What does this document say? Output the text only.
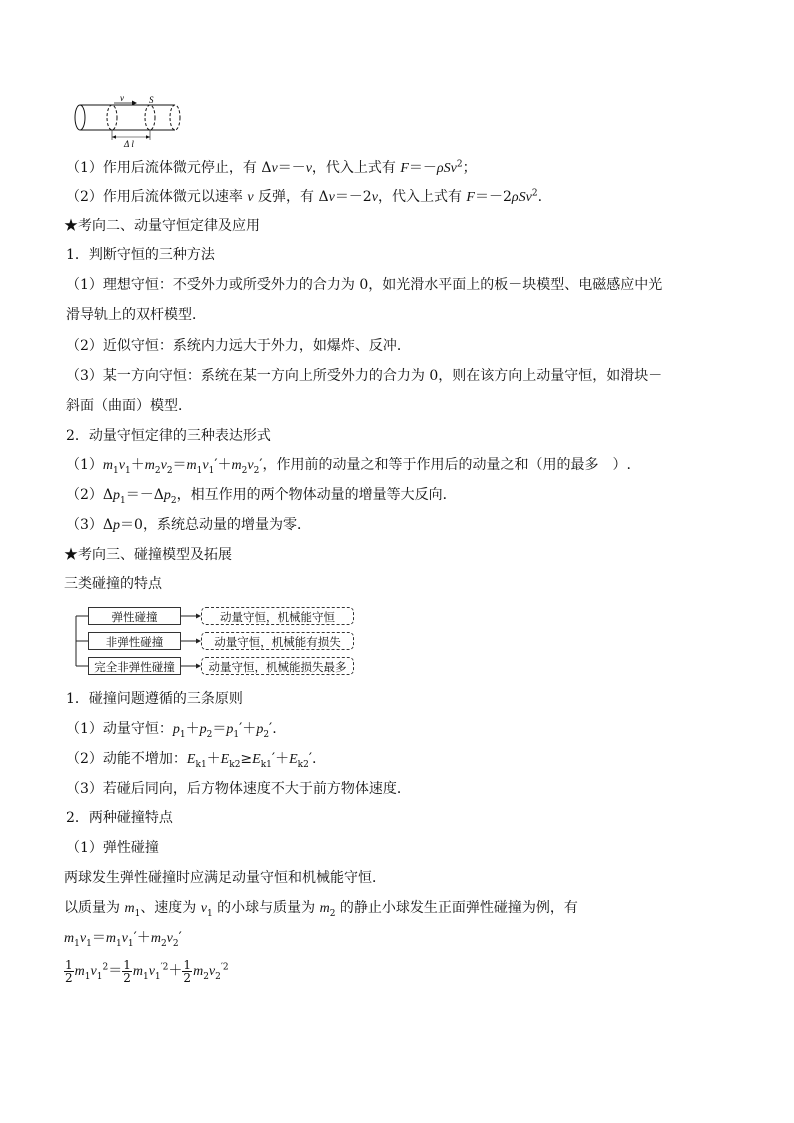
v	S
Δ l
（1）作用后流体微元停止，有 Δv＝－v，代入上式有 F＝－ρSv$^2$；
（2）作用后流体微元以速率 v 反弹，有 Δv＝－2v，代入上式有 F＝－2ρSv$^2$.
★考向二、动量守恒定律及应用
1．判断守恒的三种方法
（1）理想守恒：不受外力或所受外力的合力为 0，如光滑水平面上的板－块模型、电磁感应中光
滑导轨上的双杆模型．
（2）近似守恒：系统内力远大于外力，如爆炸、反冲．
（3）某一方向守恒：系统在某一方向上所受外力的合力为 0，则在该方向上动量守恒，如滑块－
斜面（曲面）模型．
2．动量守恒定律的三种表达形式
$(1)m_1v_1+m_2v_2=m_1v_1'+m_2v_2'$，作用前的动量之和等于作用后的动量之和（用的最多　）.
$(2)\Delta p_1=-\Delta p_2$，相互作用的两个物体动量的增量等大反向．
（3）Δp＝0，系统总动量的增量为零．
★考向三、碰撞模型及拓展
三类碰撞的特点
弹性碰撞
非弹性碰撞
完全非弹性碰撞
动量守恒，机械能守恒
动量守恒，机械能有损失
动量守恒，机械能损失最多
1．碰撞问题遵循的三条原则
（1）动量守恒：$p_1+p_2=p_1'+p_2'$.
（2）动能不增加：$E_{k1}+E_{k2}\ge E_{k1}'+E_{k2}'$.
（3）若碰后同向，后方物体速度不大于前方物体速度．
2．两种碰撞特点
（1）弹性碰撞
两球发生弹性碰撞时应满足动量守恒和机械能守恒．
以质量为 $m_1$、速度为 $v_1$ 的小球与质量为 $m_2$ 的静止小球发生正面弹性碰撞为例，有
$m_1v_1=m_1v_1'+m_2v_2'$
$\frac{1}{2} m_1v_1^2= \frac{1}{2} m_1v_1^{'2}+ \frac{1}{2} m_2v_2^{'2}$
